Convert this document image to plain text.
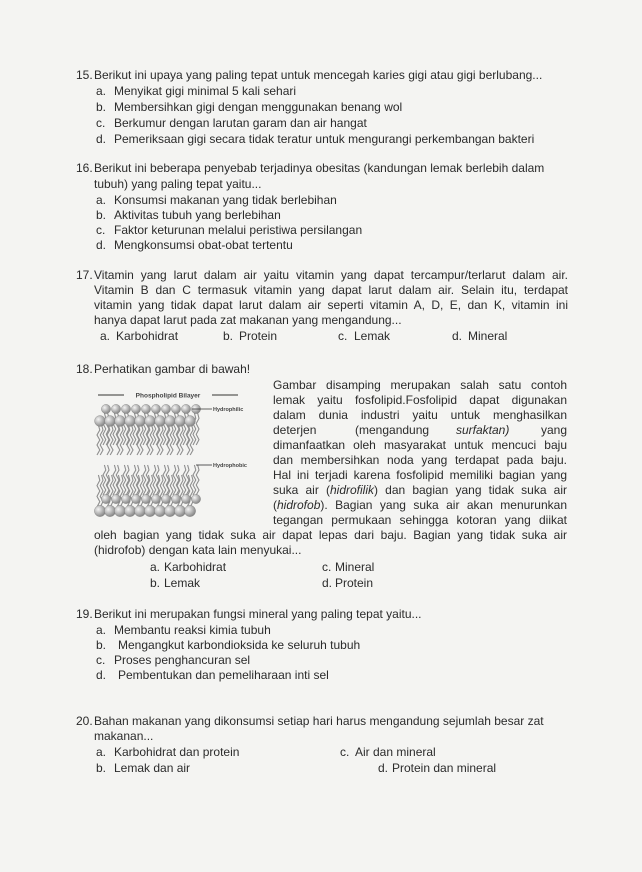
15. Berikut ini upaya yang paling tepat untuk mencegah karies gigi atau gigi berlubang...
a. Menyikat gigi minimal 5 kali sehari
b. Membersihkan gigi dengan menggunakan benang wol
c. Berkumur dengan larutan garam dan air hangat
d. Pemeriksaan gigi secara tidak teratur untuk mengurangi perkembangan bakteri
16. Berikut ini beberapa penyebab terjadinya obesitas (kandungan lemak berlebih dalam
tubuh) yang paling tepat yaitu...
a. Konsumsi makanan yang tidak berlebihan
b. Aktivitas tubuh yang berlebihan
c. Faktor keturunan melalui peristiwa persilangan
d. Mengkonsumsi obat-obat tertentu
17. Vitamin yang larut dalam air yaitu vitamin yang dapat tercampur/terlarut dalam air.
Vitamin B dan C termasuk vitamin yang dapat larut dalam air. Selain itu, terdapat
vitamin yang tidak dapat larut dalam air seperti vitamin A, D, E, dan K, vitamin ini
hanya dapat larut pada zat makanan yang mengandung...
a. Karbohidrat	b. Protein	c. Lemak	d. Mineral
18. Perhatikan gambar di bawah!
Phospholipid Bilayer
Hydrophilic
Hydrophobic
Gambar disamping merupakan salah satu contoh
lemak yaitu fosfolipid.Fosfolipid dapat digunakan
dalam dunia industri yaitu untuk menghasilkan
deterjen	(mengandung surfaktan)	yang
dimanfaatkan oleh masyarakat untuk mencuci baju
dan membersihkan noda yang terdapat pada baju.
Hal ini terjadi karena fosfolipid memiliki bagian yang
suka air (hidrofilik) dan bagian yang tidak suka air
(hidrofob). Bagian yang suka air akan menurunkan
tegangan permukaan sehingga kotoran yang diikat
oleh bagian yang tidak suka air dapat lepas dari baju. Bagian yang tidak suka air
(hidrofob) dengan kata lain menyukai...
a. Karbohidrat
b. Lemak
c. Mineral
d. Protein
19. Berikut ini merupakan fungsi mineral yang paling tepat yaitu...
a. Membantu reaksi kimia tubuh
b. Mengangkut karbondioksida ke seluruh tubuh
c. Proses penghancuran sel
d. Pembentukan dan pemeliharaan inti sel
20. Bahan makanan yang dikonsumsi setiap hari harus mengandung sejumlah besar zat
makanan...
a. Karbohidrat dan protein
b. Lemak dan air
c. Air dan mineral
d. Protein dan mineral
